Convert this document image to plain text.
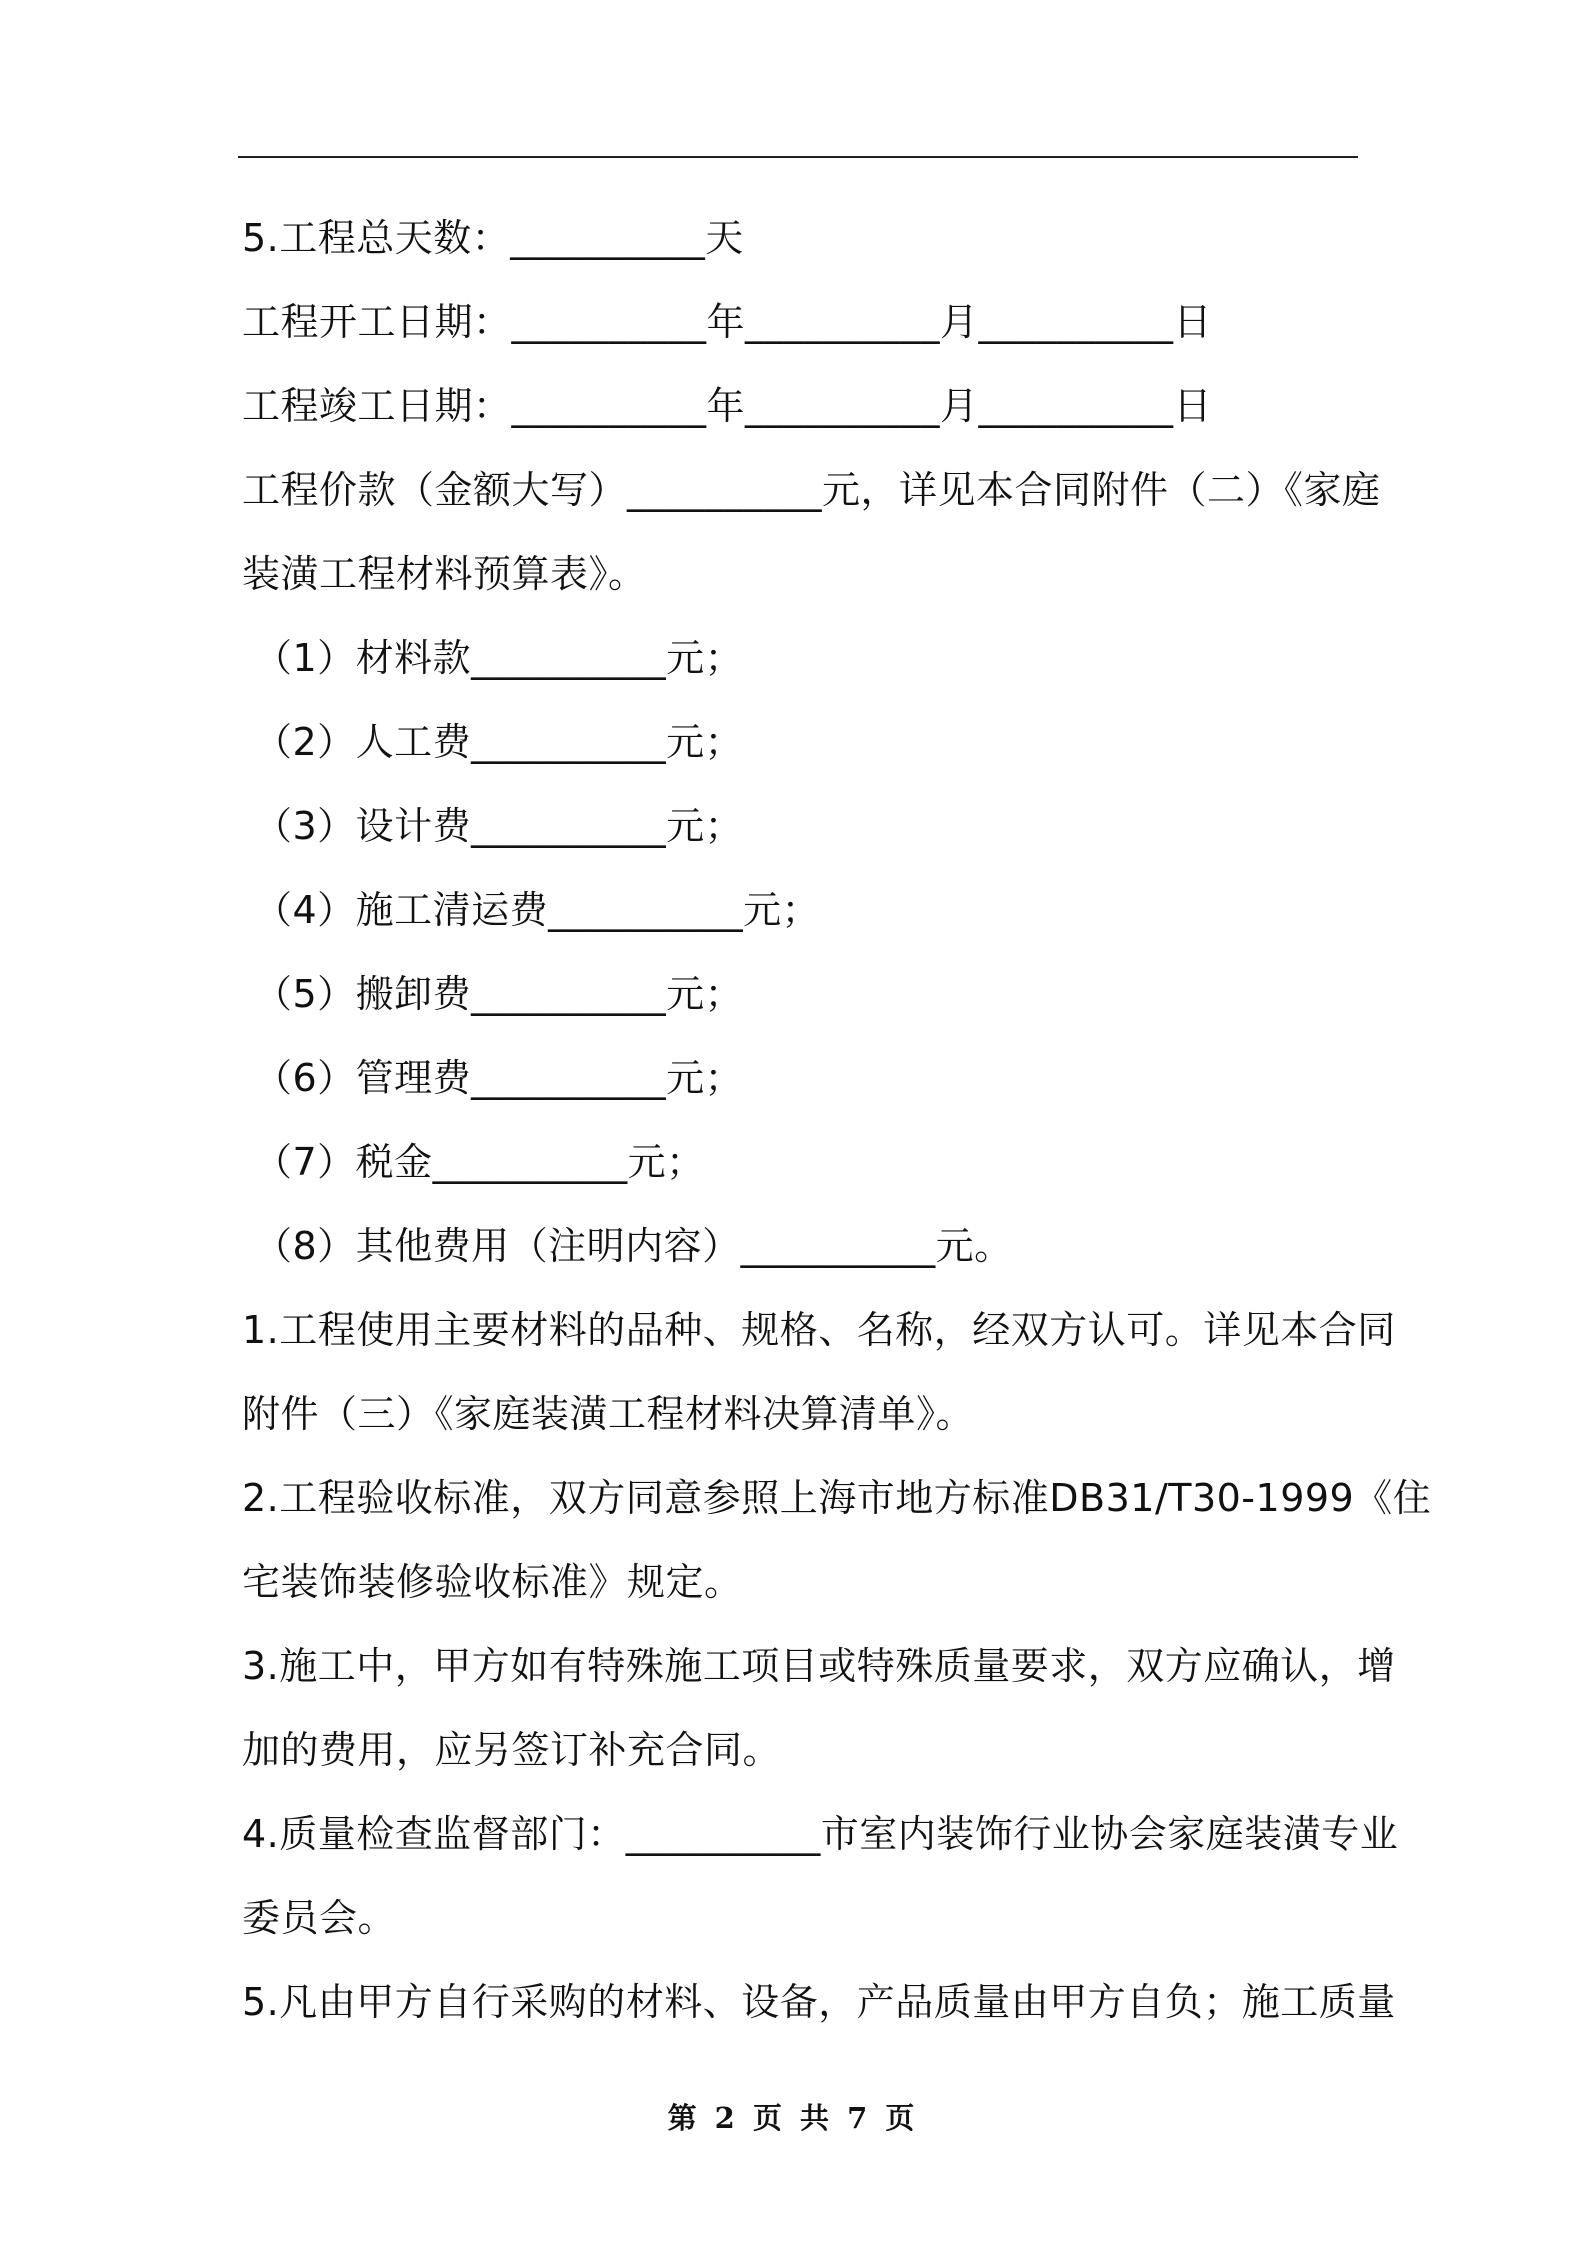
5.工程总天数：__________天
工程开工日期：__________年__________月__________日
工程竣工日期：__________年__________月__________日
工程价款（金额大写）__________元，详见本合同附件（二）《家庭
装潢工程材料预算表》。
（1）材料款__________元；
（2）人工费__________元；
（3）设计费__________元；
（4）施工清运费__________元；
（5）搬卸费__________元；
（6）管理费__________元；
（7）税金__________元；
（8）其他费用（注明内容）__________元。
1.工程使用主要材料的品种、规格、名称，经双方认可。详见本合同
附件（三）《家庭装潢工程材料决算清单》。
2.工程验收标准，双方同意参照上海市地方标准DB31/T30-1999《住
宅装饰装修验收标准》规定。
3.施工中，甲方如有特殊施工项目或特殊质量要求，双方应确认，增
加的费用，应另签订补充合同。
4.质量检查监督部门：__________市室内装饰行业协会家庭装潢专业
委员会。
5.凡由甲方自行采购的材料、设备，产品质量由甲方自负；施工质量
第 2 页 共 7 页
